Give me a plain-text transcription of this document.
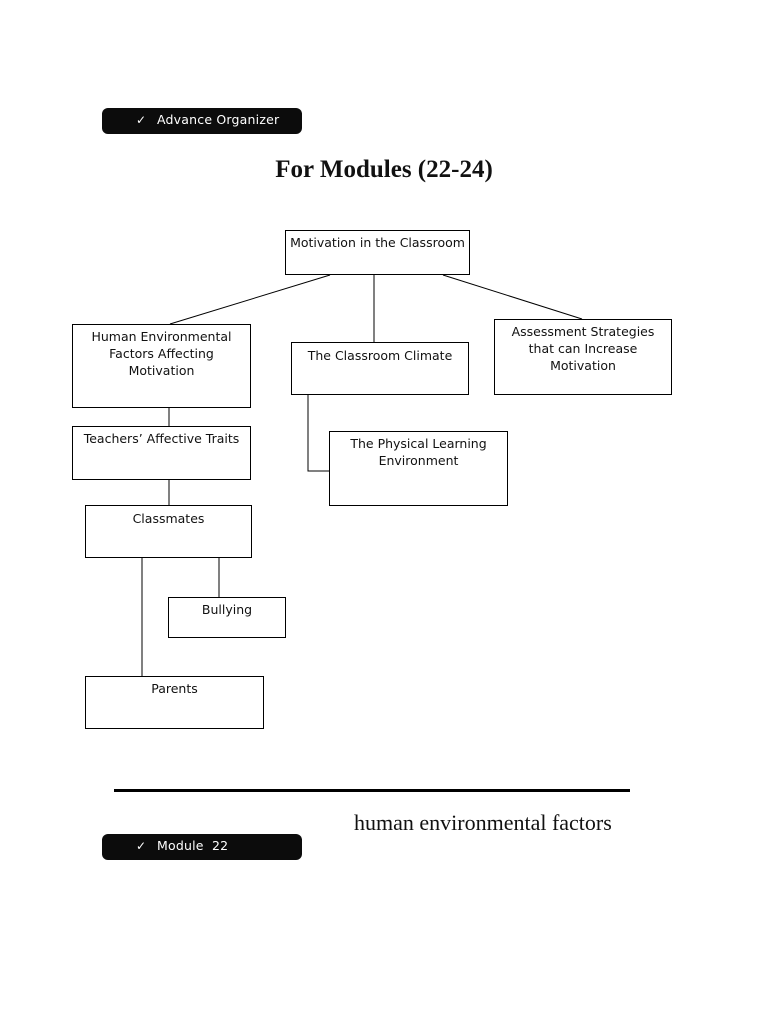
✓ Advance Organizer
For Modules (22-24)
Motivation in the Classroom
Human Environmental Factors Affecting Motivation
The Classroom Climate
Assessment Strategies that can Increase Motivation
Teachers’ Affective Traits	The Physical Learning Environment
Classmates
Bullying
Parents
human environmental factors
✓ Module  22
